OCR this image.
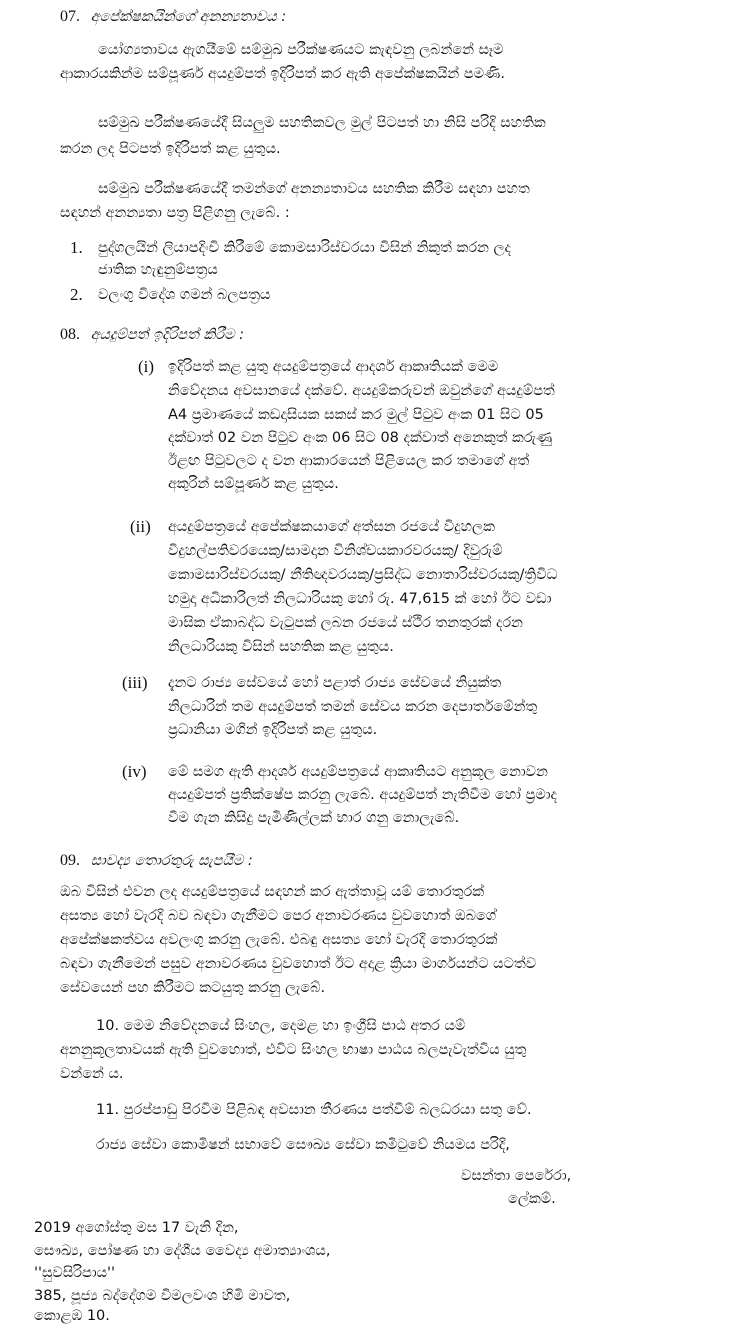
07. අපේක්ෂකයින්ගේ අනන්‍යතාවය :
යෝග්‍යතාවය ඇගයීමේ සම්මුඛ පරීක්ෂණයට කැඳවනු ලබන්නේ සෑම
ආකාරයකින්ම සම්පූර්ණ අයදුම්පත් ඉදිරිපත් කර ඇති අපේක්ෂකයින් පමණි.
සම්මුඛ පරීක්ෂණයේදී සියලුම සහතිකවල මුල් පිටපත් හා නිසි පරිදි සහතික
කරන ලද පිටපත් ඉදිරිපත් කළ යුතුය.
සම්මුඛ පරීක්ෂණයේදී තමන්ගේ අනන්‍යතාවය සහතික කිරීම සඳහා පහත
සඳහන් අනන්‍යතා පත්‍ර පිළිගනු ලැබේ. :
1. පුද්ගලයින් ලියාපදිංචි කිරීමේ කොමසාරිස්වරයා විසින් නිකුත් කරන ලද
ජාතික හැඳුනුම්පත්‍රය
2. වලංගු විදේශ ගමන් බලපත්‍රය
08. අයදුම්පත් ඉදිරිපත් කිරීම :
(i) ඉදිරිපත් කළ යුතු අයදුම්පත්‍රයේ ආදර්ශ ආකෘතියක් මෙම
නිවේදනය අවසානයේ දක්වේ. අයදුම්කරුවන් ඔවුන්ගේ අයදුම්පත්
A4 ප්‍රමාණයේ කඩදාසියක සකස් කර මුල් පිටුව අංක 01 සිට 05
දක්වාත් 02 වන පිටුව අංක 06 සිට 08 දක්වාත් අනෙකුත් කරුණු
ඊළඟ පිටුවලට ද වන ආකාරයෙන් පිළියෙල කර තමාගේ අත්
අකුරින් සම්පූර්ණ කළ යුතුය.
(ii) අයදුම්පත්‍රයේ අපේක්ෂකයාගේ අත්සන රජයේ විදුහලක
විදුහල්පතිවරයෙකු/සාමදාන විනිශ්චයකාරවරයකු/ දිවුරුම්
කොමසාරිස්වරයකු/ නීතිඥවරයකු/ප්‍රසිද්ධ නොතාරිස්වරයකු/ත්‍රිවිධ
හමුදා අධිකාරිලත් නිලධාරියකු හෝ රු. 47,615 ක් හෝ ඊට වඩා
මාසික ඒකාබද්ධ වැටුපක් ලබන රජයේ ස්ථිර තනතුරක් දරන
නිලධාරියකු විසින් සහතික කළ යුතුය.
(iii) දැනට රාජ්‍ය සේවයේ හෝ පළාත් රාජ්‍ය සේවයේ නියුක්ත
නිලධාරින් තම අයදුම්පත් තමන් සේවය කරන දෙපාර්තමේන්තු
ප්‍රධානියා මගින් ඉදිරිපත් කළ යුතුය.
(iv) මේ සමග ඇති ආදර්ශ අයදුම්පත්‍රයේ ආකෘතියට අනුකූල නොවන
අයදුම්පත් ප්‍රතික්ෂේප කරනු ලැබේ. අයදුම්පත් නැතිවීම හෝ ප්‍රමාද
වීම ගැන කිසිදු පැමිණිල්ලක් භාර ගනු නොලැබේ.
09. සාවද්‍ය තොරතුරු සැපයීම :
ඔබ විසින් එවන ලද අයදුම්පත්‍රයේ සඳහන් කර ඇත්තාවූ යම් තොරතුරක්
අසත්‍ය හෝ වැරදි බව බඳවා ගැනීමට පෙර අනාවරණය වුවහොත් ඔබගේ
අපේක්ෂකත්වය අවලංගු කරනු ලැබේ. එබඳු අසත්‍ය හෝ වැරදි තොරතුරක්
බඳවා ගැනීමෙන් පසුව අනාවරණය වුවහොත් ඊට අදාළ ක්‍රියා මාර්ගයන්ට යටත්ව
සේවයෙන් පහ කිරීමට කටයුතු කරනු ලැබේ.
10. මෙම නිවේදනයේ සිංහල, දෙමළ හා ඉංග්‍රීසි පාඨ අතර යම්
අනනුකූලතාවයක් ඇති වුවහොත්, එවිට සිංහල භාෂා පාඨය බලපැවැත්විය යුතු
වන්නේ ය.
11. පුරප්පාඩු පිරවීම පිළිබඳ අවසාන තීරණය පත්වීම් බලධරයා සතු වේ.
රාජ්‍ය සේවා කොමිෂන් සභාවේ සෞඛ්‍ය සේවා කමිටුවේ නියමය පරිදි,
වසන්තා පෙරේරා,
ලේකම්.
2019 අගෝස්තු මස 17 වැනි දින,
සෞඛ්‍ය, පෝෂණ හා දේශීය වෛද්‍ය අමාත්‍යාංශය,
''සුවසිරිපාය''
385, පූජ්‍ය බද්දේගම විමලවංශ හිමි මාවත,
කොළඹ 10.
